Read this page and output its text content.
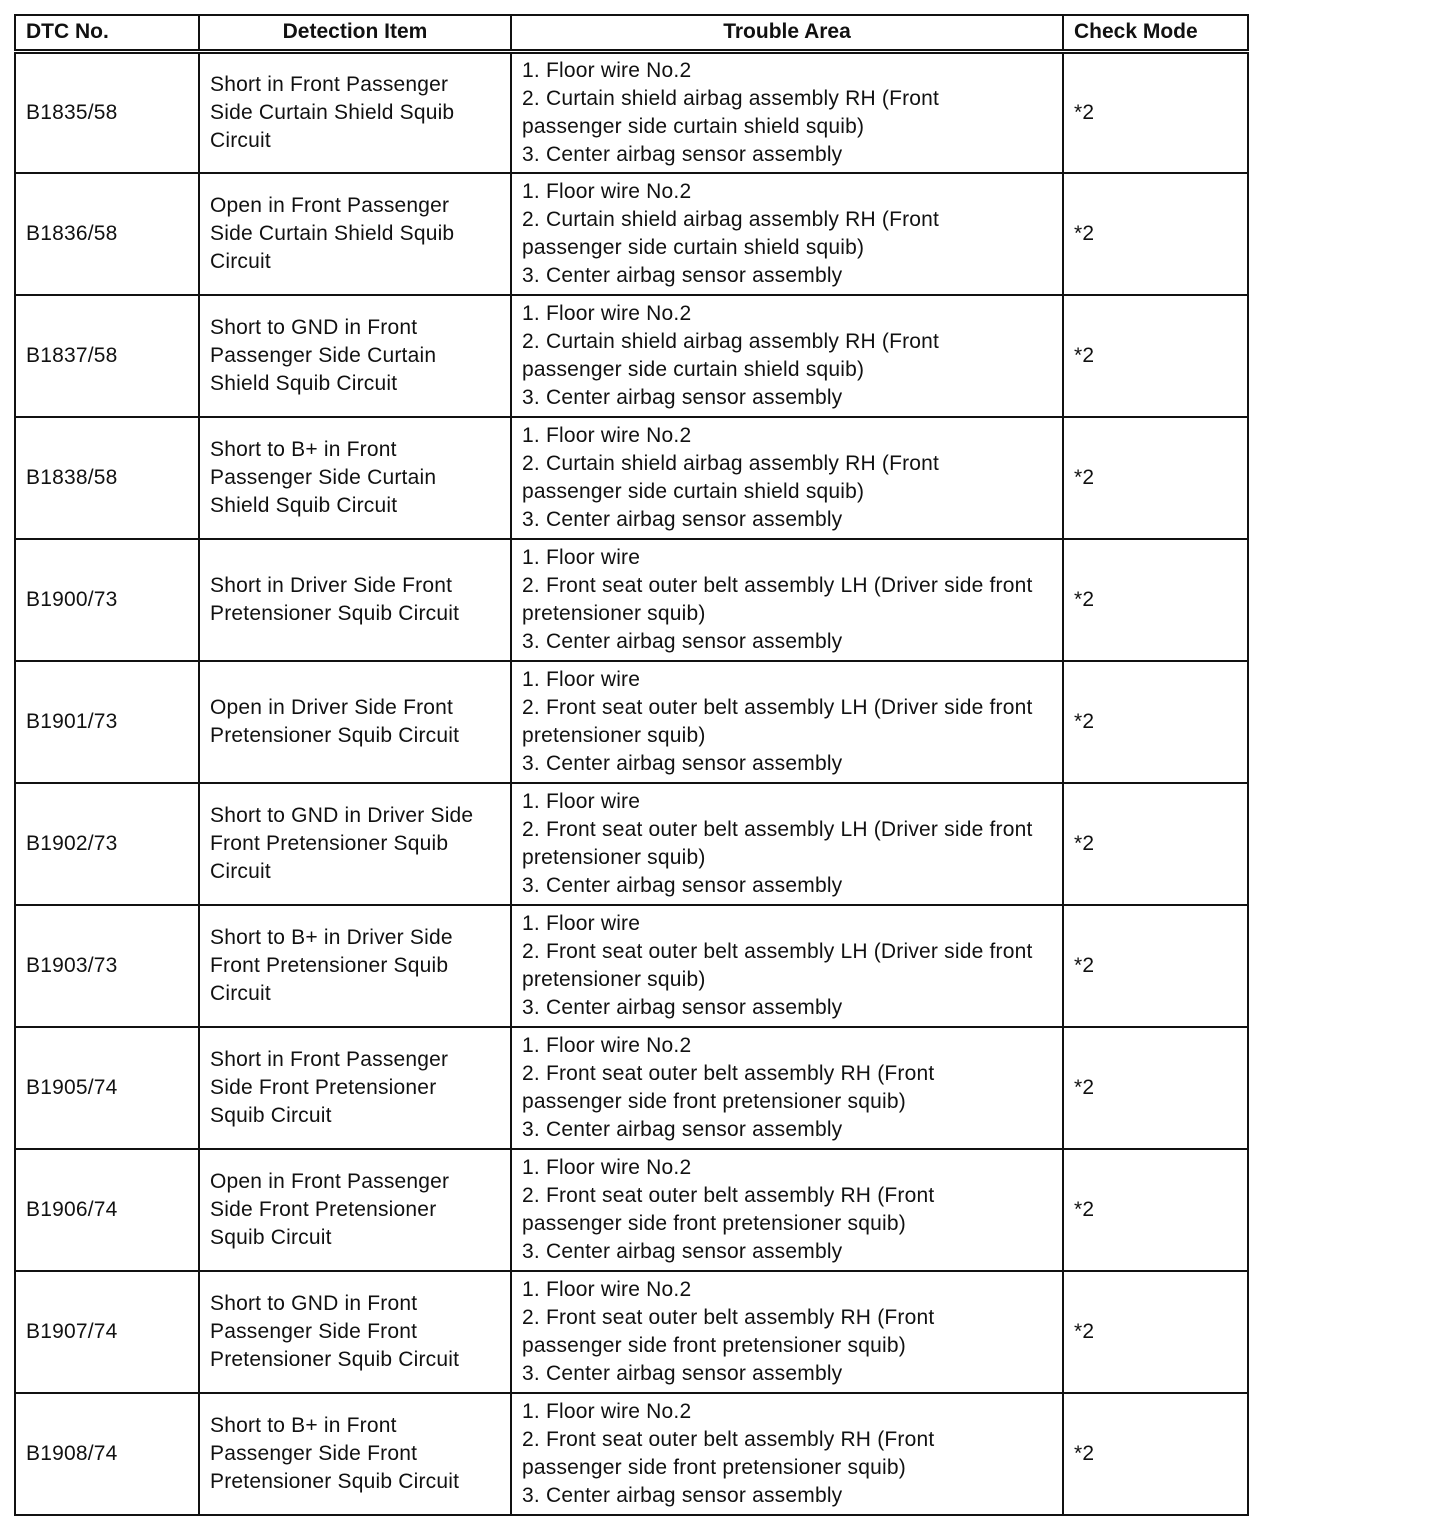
DTC No.	Detection Item	Trouble Area	Check Mode
B1835/58	Short in Front Passenger
Side Curtain Shield Squib
Circuit	1. Floor wire No.2
2. Curtain shield airbag assembly RH (Front
passenger side curtain shield squib)
3. Center airbag sensor assembly	*2
B1836/58	Open in Front Passenger
Side Curtain Shield Squib
Circuit	1. Floor wire No.2
2. Curtain shield airbag assembly RH (Front
passenger side curtain shield squib)
3. Center airbag sensor assembly	*2
B1837/58	Short to GND in Front
Passenger Side Curtain
Shield Squib Circuit	1. Floor wire No.2
2. Curtain shield airbag assembly RH (Front
passenger side curtain shield squib)
3. Center airbag sensor assembly	*2
B1838/58	Short to B+ in Front
Passenger Side Curtain
Shield Squib Circuit	1. Floor wire No.2
2. Curtain shield airbag assembly RH (Front
passenger side curtain shield squib)
3. Center airbag sensor assembly	*2
B1900/73	Short in Driver Side Front
Pretensioner Squib Circuit	1. Floor wire
2. Front seat outer belt assembly LH (Driver side front
pretensioner squib)
3. Center airbag sensor assembly	*2
B1901/73	Open in Driver Side Front
Pretensioner Squib Circuit	1. Floor wire
2. Front seat outer belt assembly LH (Driver side front
pretensioner squib)
3. Center airbag sensor assembly	*2
B1902/73	Short to GND in Driver Side
Front Pretensioner Squib
Circuit	1. Floor wire
2. Front seat outer belt assembly LH (Driver side front
pretensioner squib)
3. Center airbag sensor assembly	*2
B1903/73	Short to B+ in Driver Side
Front Pretensioner Squib
Circuit	1. Floor wire
2. Front seat outer belt assembly LH (Driver side front
pretensioner squib)
3. Center airbag sensor assembly	*2
B1905/74	Short in Front Passenger
Side Front Pretensioner
Squib Circuit	1. Floor wire No.2
2. Front seat outer belt assembly RH (Front
passenger side front pretensioner squib)
3. Center airbag sensor assembly	*2
B1906/74	Open in Front Passenger
Side Front Pretensioner
Squib Circuit	1. Floor wire No.2
2. Front seat outer belt assembly RH (Front
passenger side front pretensioner squib)
3. Center airbag sensor assembly	*2
B1907/74	Short to GND in Front
Passenger Side Front
Pretensioner Squib Circuit	1. Floor wire No.2
2. Front seat outer belt assembly RH (Front
passenger side front pretensioner squib)
3. Center airbag sensor assembly	*2
B1908/74	Short to B+ in Front
Passenger Side Front
Pretensioner Squib Circuit	1. Floor wire No.2
2. Front seat outer belt assembly RH (Front
passenger side front pretensioner squib)
3. Center airbag sensor assembly	*2
